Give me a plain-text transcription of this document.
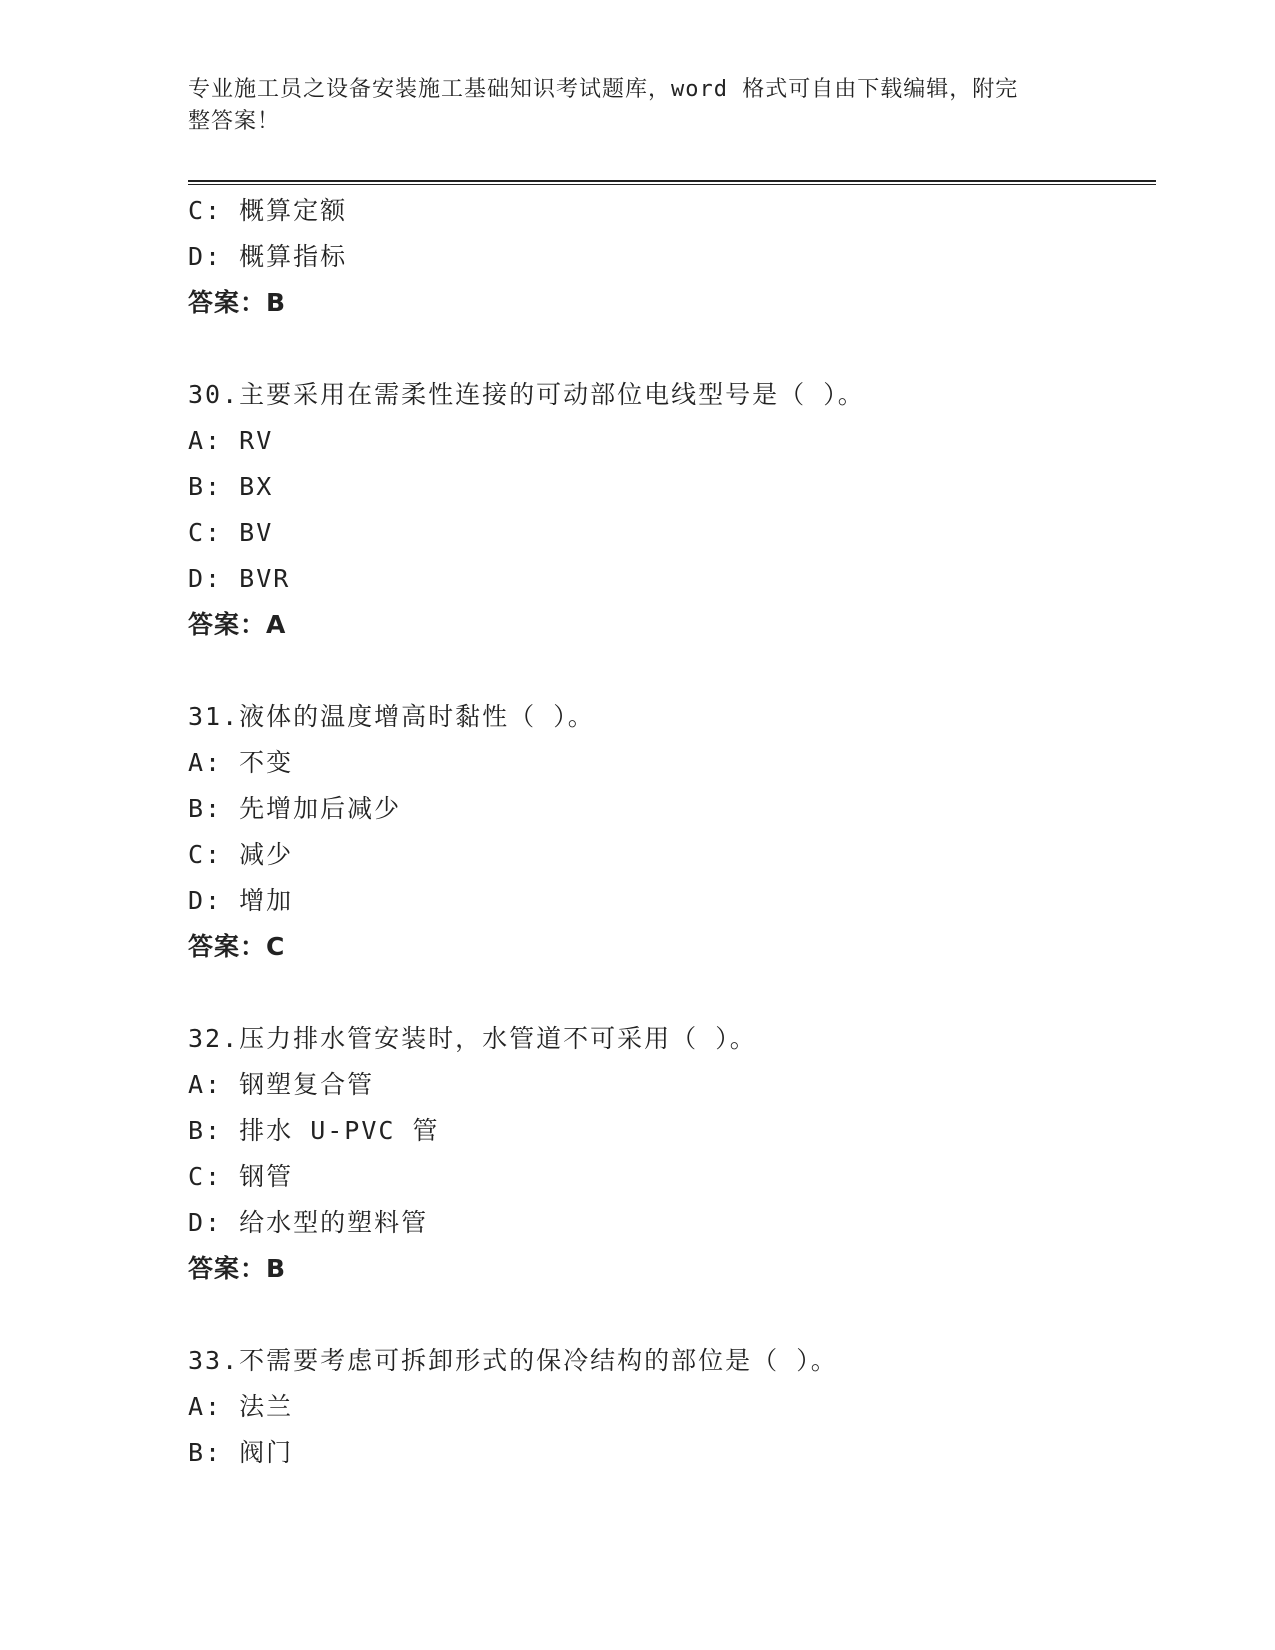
专业施工员之设备安装施工基础知识考试题库，word 格式可自由下载编辑，附完
整答案！
C: 概算定额
D: 概算指标
答案：B
30.主要采用在需柔性连接的可动部位电线型号是（ ）。
A: RV
B: BX
C: BV
D: BVR
答案：A
31.液体的温度增高时黏性（ ）。
A: 不变
B: 先增加后减少
C: 减少
D: 增加
答案：C
32.压力排水管安装时，水管道不可采用（ ）。
A: 钢塑复合管
B: 排水 U-PVC 管
C: 钢管
D: 给水型的塑料管
答案：B
33.不需要考虑可拆卸形式的保冷结构的部位是（ ）。
A: 法兰
B: 阀门
